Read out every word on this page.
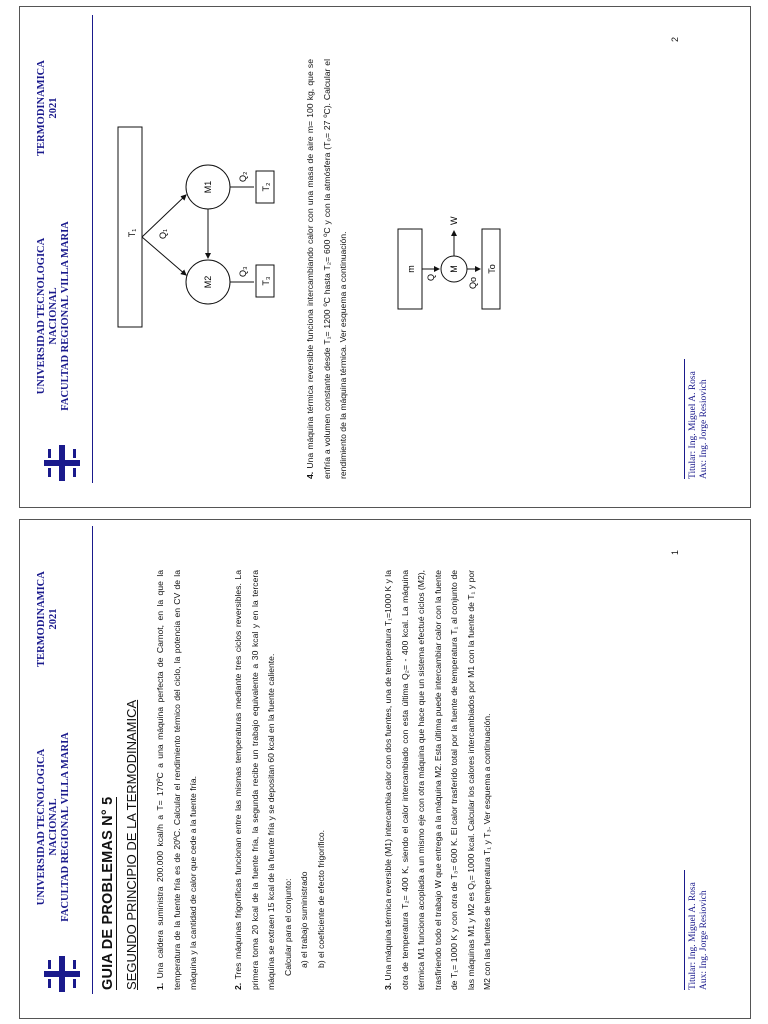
UNIVERSIDAD TECNOLOGICA NACIONAL FACULTAD REGIONAL VILLA MARIA
TERMODINAMICA 2021
T₁
M2
M1
T₃
T₂
Q₁
Q₃
Q₂
4. Una máquina térmica reversible funciona intercambiando calor con una masa de aire m= 100 kg, que se enfría a volumen constante desde T₁= 1200 ºC hasta T₂= 600 ºC y con la atmósfera (T₀= 27 ºC). Calcular el rendimiento de la máquina térmica. Ver esquema a continuación.	m	M
W
Q	Qo
To
2
Titular: Ing. Miguel A. Rosa Aux: Ing. Jorge Resiovich
UNIVERSIDAD TECNOLOGICA NACIONAL FACULTAD REGIONAL VILLA MARIA
TERMODINAMICA 2021
GUIA DE PROBLEMAS N° 5 SEGUNDO PRINCIPIO DE LA TERMODINAMICA	1. Una caldera suministra 200.000 kcal/h a T= 170ºC a una máquina perfecta de Carnot, en la que la temperatura de la fuente fría es de 20ºC. Calcular el rendimiento térmico del ciclo, la potencia en CV de la máquina y la cantidad de calor que cede a la fuente fría.	2. Tres máquinas frigoríficas funcionan entre las mismas temperaturas mediante tres ciclos reversibles. La primera toma 20 kcal de la fuente fría, la segunda recibe un trabajo equivalente a 30 kcal y en la tercera máquina se extraen 15 kcal de la fuente fría y se depositan 60 kcal en la fuente caliente. Calcular para el conjunto: a) el trabajo suministrado b) el coeficiente de efecto frigorífico.
3. Una máquina térmica reversible (M1) intercambia calor con dos fuentes, una de temperatura T₁=1000 K y la otra de temperatura T₂= 400 K, siendo el calor intercambiado con esta última Q₂= - 400 kcal. La máquina térmica M1 funciona acoplada a un mismo eje con otra máquina que hace que un sistema efectué ciclos (M2), trasfiriendo todo el trabajo W que entrega a la máquina M2. Esta última puede intercambiar calor con la fuente de T₁= 1000 K y con otra de T₃= 600 K. El calor trasferido total por la fuente de temperatura T₁ al conjunto de las máquinas M1 y M2 es Q₁= 1000 kcal. Calcular los calores intercambiados por M1 con la fuente de T₁ y por M2 con las fuentes de temperatura T₁ y T₃. Ver esquema a continuación.
1
Titular: Ing. Miguel A. Rosa Aux: Ing. Jorge Resiovich
